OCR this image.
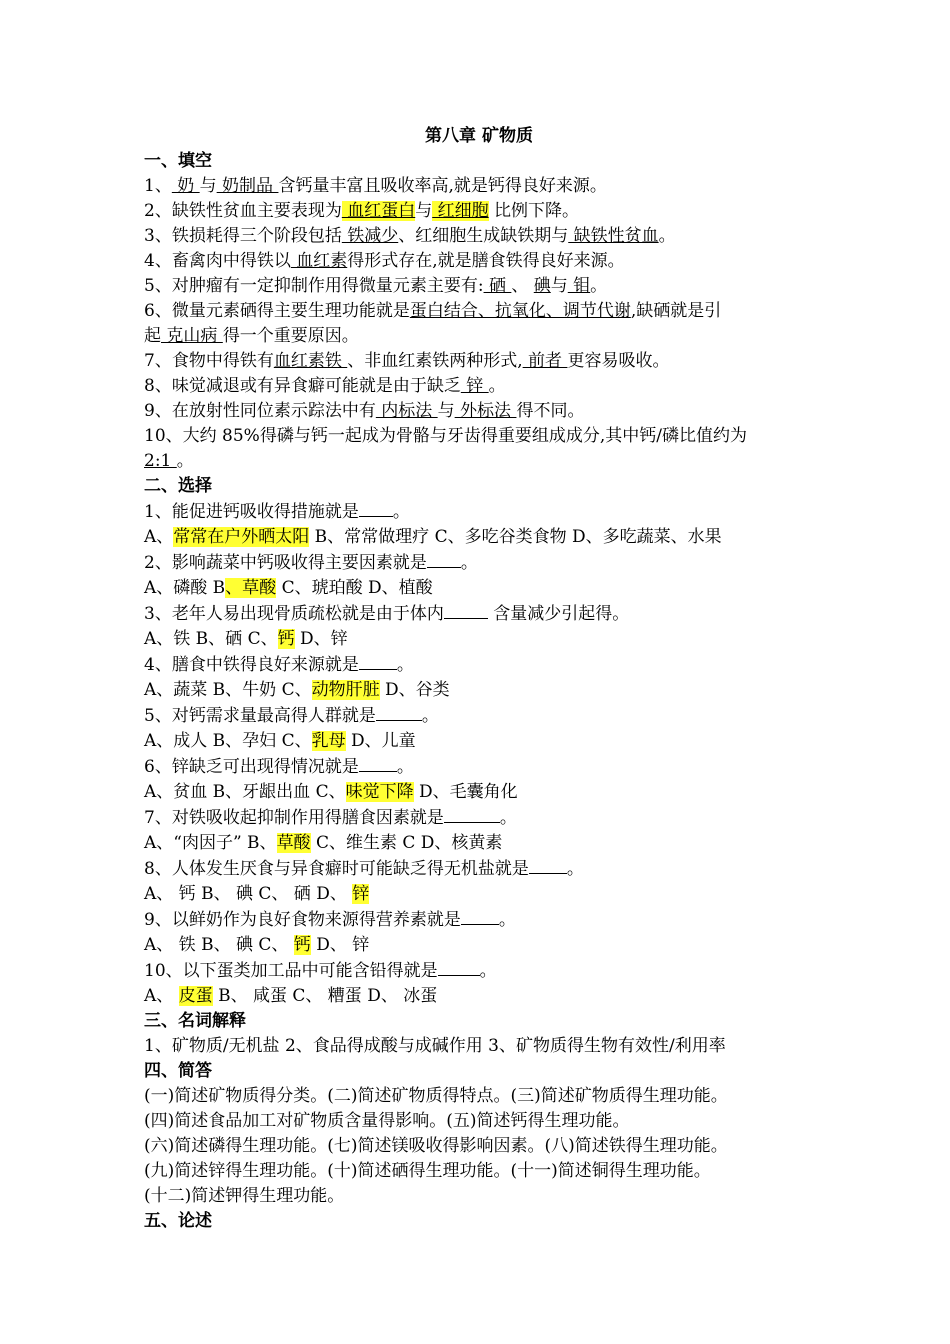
第八章 矿物质
一、填空
1、 奶 与 奶制品 含钙量丰富且吸收率高,就是钙得良好来源。
2、缺铁性贫血主要表现为 血红蛋白与 红细胞 比例下降。
3、铁损耗得三个阶段包括 铁减少、红细胞生成缺铁期与 缺铁性贫血。
4、畜禽肉中得铁以 血红素得形式存在,就是膳食铁得良好来源。
5、对肿瘤有一定抑制作用得微量元素主要有: 硒 、 碘与 钼。
6、微量元素硒得主要生理功能就是蛋白结合、抗氧化、调节代谢,缺硒就是引
起 克山病 得一个重要原因。
7、食物中得铁有血红素铁 、非血红素铁两种形式, 前者 更容易吸收。
8、味觉减退或有异食癖可能就是由于缺乏 锌 。
9、在放射性同位素示踪法中有 内标法 与 外标法 得不同。
10、大约 85%得磷与钙一起成为骨骼与牙齿得重要组成成分,其中钙/磷比值约为
2:1 。
二、选择
1、能促进钙吸收得措施就是 。
A、常常在户外晒太阳 B、常常做理疗 C、多吃谷类食物 D、多吃蔬菜、水果
2、影响蔬菜中钙吸收得主要因素就是 。
A、磷酸 B、草酸 C、琥珀酸 D、植酸
3、老年人易出现骨质疏松就是由于体内	含量减少引起得。
A、铁 B、硒 C、钙 D、锌
4、膳食中铁得良好来源就是 。
A、蔬菜 B、牛奶 C、动物肝脏 D、谷类
5、对钙需求量最高得人群就是	。
A、成人 B、孕妇 C、乳母 D、儿童
6、锌缺乏可出现得情况就是 。
A、贫血 B、牙龈出血 C、味觉下降 D、毛囊角化
7、对铁吸收起抑制作用得膳食因素就是	。
A、“肉因子” B、草酸 C、维生素 C D、核黄素
8、人体发生厌食与异食癖时可能缺乏得无机盐就是 。
A、 钙 B、 碘 C、 硒 D、 锌
9、以鲜奶作为良好食物来源得营养素就是 。
A、 铁 B、 碘 C、 钙 D、 锌
10、以下蛋类加工品中可能含铅得就是 。
A、 皮蛋 B、 咸蛋 C、 糟蛋 D、 冰蛋
三、名词解释
1、矿物质/无机盐 2、食品得成酸与成碱作用 3、矿物质得生物有效性/利用率
四、简答
(一)简述矿物质得分类。(二)简述矿物质得特点。(三)简述矿物质得生理功能。
(四)简述食品加工对矿物质含量得影响。(五)简述钙得生理功能。
(六)简述磷得生理功能。(七)简述镁吸收得影响因素。(八)简述铁得生理功能。
(九)简述锌得生理功能。(十)简述硒得生理功能。(十一)简述铜得生理功能。
(十二)简述钾得生理功能。
五、论述
